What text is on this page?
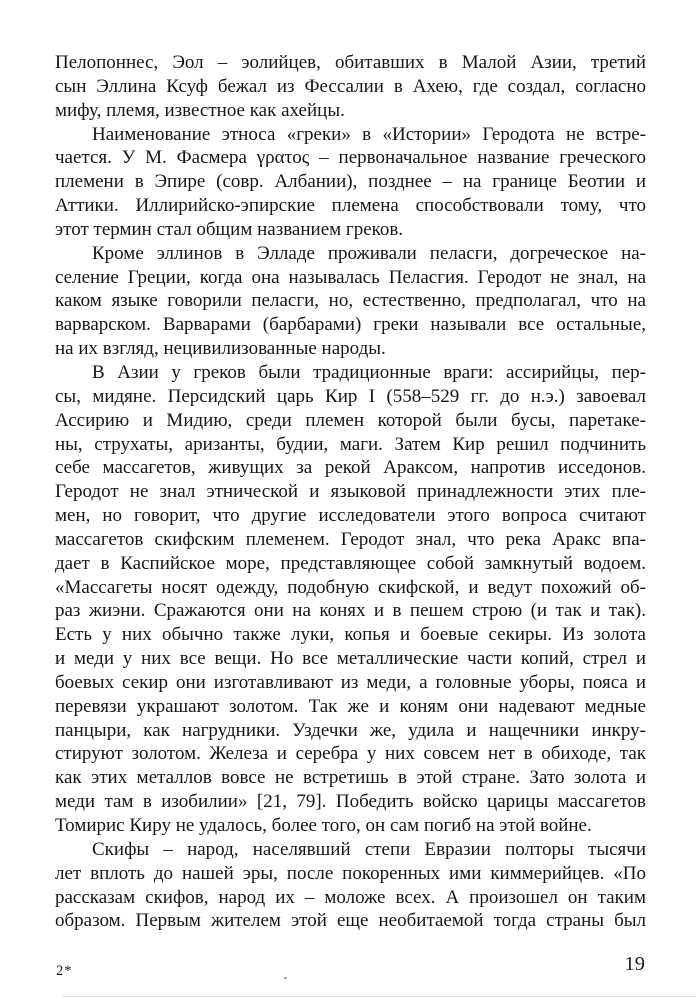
Пелопоннес, Эол – эолийцев, обитавших в Малой Азии, третий
сын Эллина Ксуф бежал из Фессалии в Ахею, где создал, согласно
мифу, племя, известное как ахейцы.
Наименование этноса «греки» в «Истории» Геродота не встре-
чается. У М. Фасмера γρατος – первоначальное название греческого
племени в Эпире (совр. Албании), позднее – на границе Беотии и
Аттики. Иллирийско-эпирские племена способствовали тому, что
этот термин стал общим названием греков.
Кроме эллинов в Элладе проживали пеласги, догреческое на-
селение Греции, когда она называлась Пеласгия. Геродот не знал, на
каком языке говорили пеласги, но, естественно, предполагал, что на
варварском. Варварами (барбарами) греки называли все остальные,
на их взгляд, нецивилизованные народы.
В Азии у греков были традиционные враги: ассирийцы, пер-
сы, мидяне. Персидский царь Кир I (558–529 гг. до н.э.) завоевал
Ассирию и Мидию, среди племен которой были бусы, паретаке-
ны, струхаты, аризанты, будии, маги. Затем Кир решил подчинить
себе массагетов, живущих за рекой Араксом, напротив исседонов.
Геродот не знал этнической и языковой принадлежности этих пле-
мен, но говорит, что другие исследователи этого вопроса считают
массагетов скифским племенем. Геродот знал, что река Аракс впа-
дает в Каспийское море, представляющее собой замкнутый водоем.
«Массагеты носят одежду, подобную скифской, и ведут похожий об-
раз жиэни. Сражаются они на конях и в пешем строю (и так и так).
Есть у них обычно также луки, копья и боевые секиры. Из золота
и меди у них все вещи. Но все металлические части копий, стрел и
боевых секир они изготавливают из меди, а головные уборы, пояса и
перевязи украшают золотом. Так же и коням они надевают медные
панцыри, как нагрудники. Уздечки же, удила и нащечники инкру-
стируют золотом. Железа и серебра у них совсем нет в обиходе, так
как этих металлов вовсе не встретишь в этой стране. Зато золота и
меди там в изобилии» [21, 79]. Победить войско царицы массагетов
Томирис Киру не удалось, более того, он сам погиб на этой войне.
Скифы – народ, населявший степи Евразии полторы тысячи
лет вплоть до нашей эры, после покоренных ими киммерийцев. «По
рассказам скифов, народ их – моложе всех. А произошел он таким
образом. Первым жителем этой еще необитаемой тогда страны был
2*	19
